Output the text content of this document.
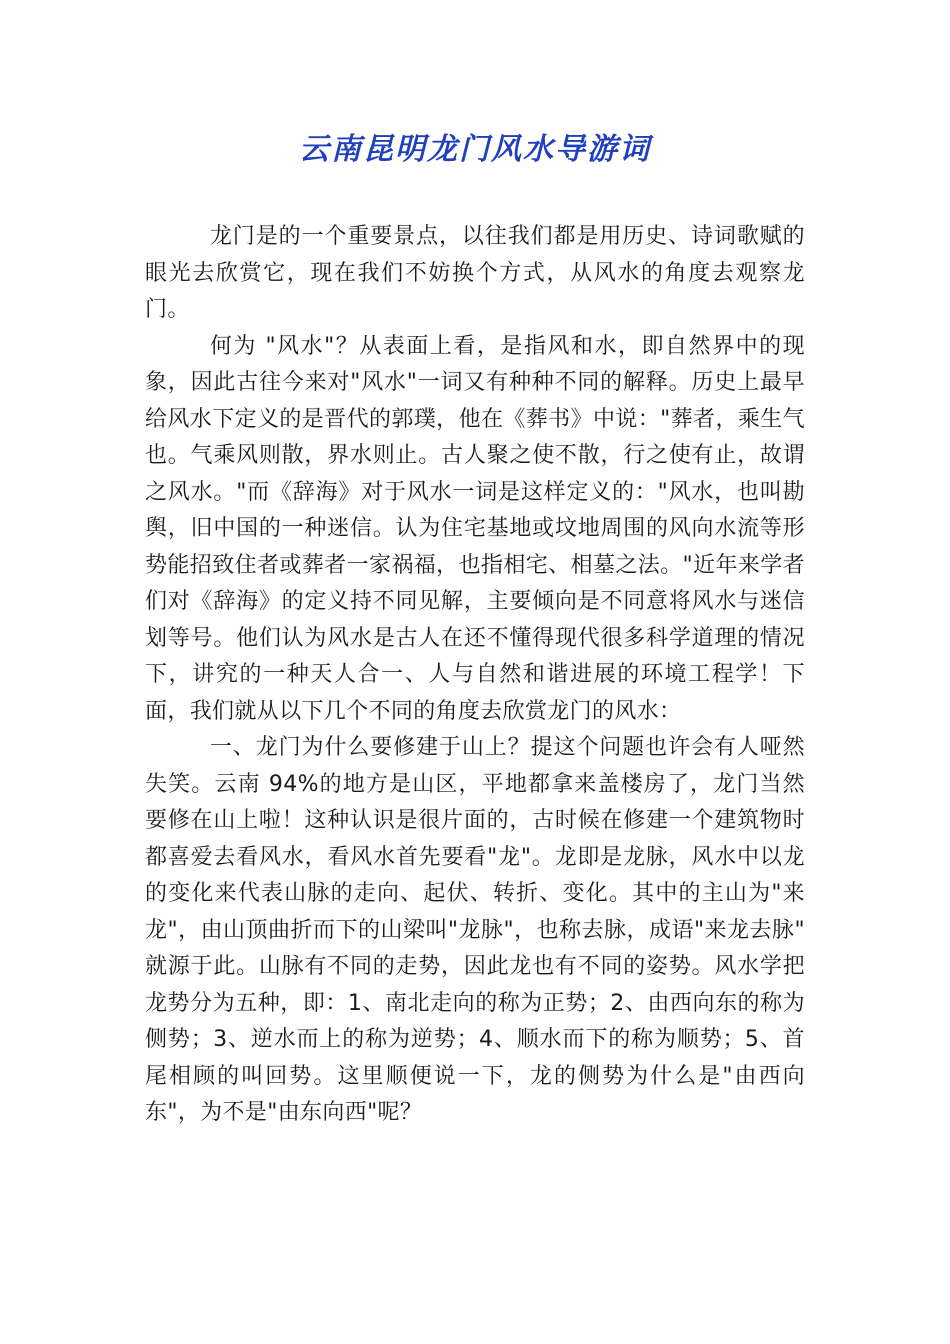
云南昆明龙门风水导游词

龙门是的一个重要景点，以往我们都是用历史、诗词歌赋的眼光去欣赏它，现在我们不妨换个方式，从风水的角度去观察龙门。

何为 "风水"？从表面上看，是指风和水，即自然界中的现象，因此古往今来对"风水"一词又有种种不同的解释。历史上最早给风水下定义的是晋代的郭璞，他在《葬书》中说："葬者，乘生气也。气乘风则散，界水则止。古人聚之使不散，行之使有止，故谓之风水。"而《辞海》对于风水一词是这样定义的："风水，也叫勘舆，旧中国的一种迷信。认为住宅基地或坟地周围的风向水流等形势能招致住者或葬者一家祸福，也指相宅、相墓之法。"近年来学者们对《辞海》的定义持不同见解，主要倾向是不同意将风水与迷信划等号。他们认为风水是古人在还不懂得现代很多科学道理的情况下，讲究的一种天人合一、人与自然和谐进展的环境工程学！下面，我们就从以下几个不同的角度去欣赏龙门的风水：

一、龙门为什么要修建于山上？提这个问题也许会有人哑然失笑。云南 94%的地方是山区，平地都拿来盖楼房了，龙门当然要修在山上啦！这种认识是很片面的，古时候在修建一个建筑物时都喜爱去看风水，看风水首先要看"龙"。龙即是龙脉，风水中以龙的变化来代表山脉的走向、起伏、转折、变化。其中的主山为"来龙"，由山顶曲折而下的山梁叫"龙脉"，也称去脉，成语"来龙去脉" 就源于此。山脉有不同的走势，因此龙也有不同的姿势。风水学把龙势分为五种，即：1、南北走向的称为正势；2、由西向东的称为侧势；3、逆水而上的称为逆势；4、顺水而下的称为顺势；5、首尾相顾的叫回势。这里顺便说一下，龙的侧势为什么是"由西向东"，为不是"由东向西"呢？
